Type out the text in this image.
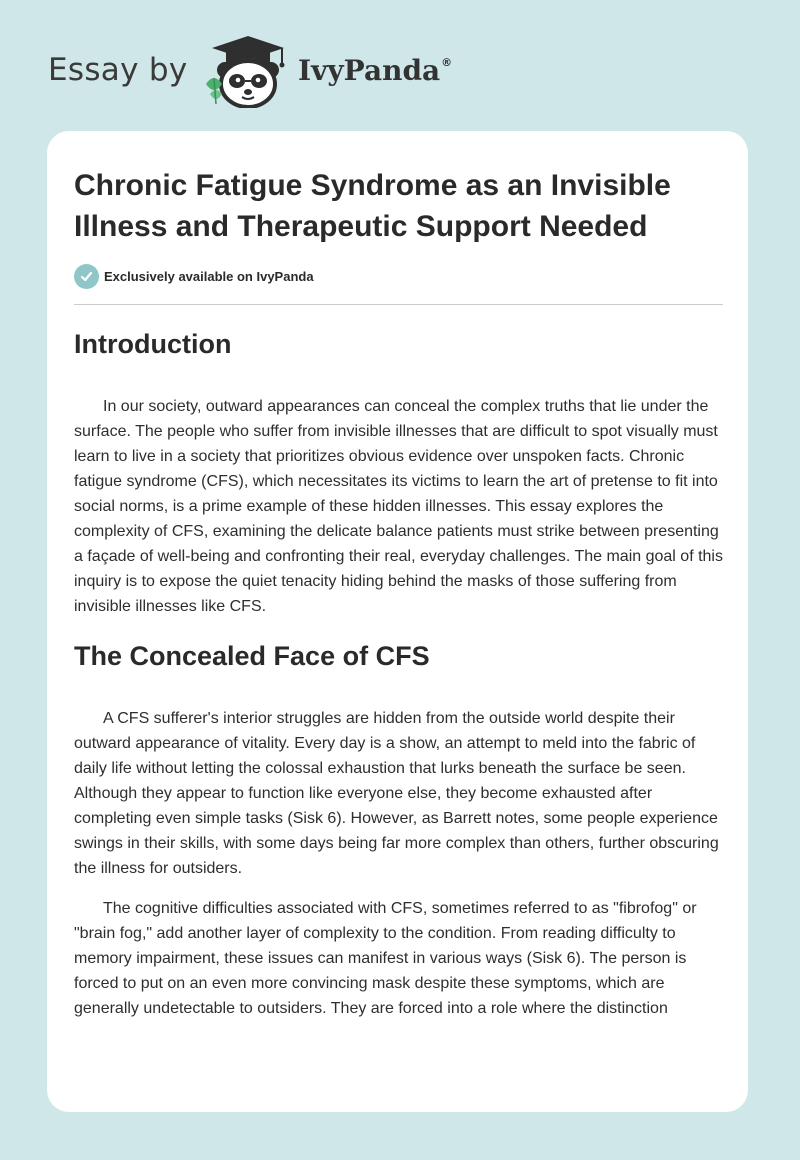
Essay by	IvyPanda®
Chronic Fatigue Syndrome as an Invisible Illness and Therapeutic Support Needed
Exclusively available on IvyPanda
Introduction

In our society, outward appearances can conceal the complex truths that lie under the surface. The people who suffer from invisible illnesses that are difficult to spot visually must learn to live in a society that prioritizes obvious evidence over unspoken facts. Chronic fatigue syndrome (CFS), which necessitates its victims to learn the art of pretense to fit into social norms, is a prime example of these hidden illnesses. This essay explores the complexity of CFS, examining the delicate balance patients must strike between presenting a façade of well-being and confronting their real, everyday challenges. The main goal of this inquiry is to expose the quiet tenacity hiding behind the masks of those suffering from invisible illnesses like CFS.

The Concealed Face of CFS

A CFS sufferer's interior struggles are hidden from the outside world despite their outward appearance of vitality. Every day is a show, an attempt to meld into the fabric of daily life without letting the colossal exhaustion that lurks beneath the surface be seen. Although they appear to function like everyone else, they become exhausted after completing even simple tasks (Sisk 6). However, as Barrett notes, some people experience swings in their skills, with some days being far more complex than others, further obscuring the illness for outsiders.

The cognitive difficulties associated with CFS, sometimes referred to as "fibrofog" or "brain fog," add another layer of complexity to the condition. From reading difficulty to memory impairment, these issues can manifest in various ways (Sisk 6). The person is forced to put on an even more convincing mask despite these symptoms, which are generally undetectable to outsiders. They are forced into a role where the distinction
